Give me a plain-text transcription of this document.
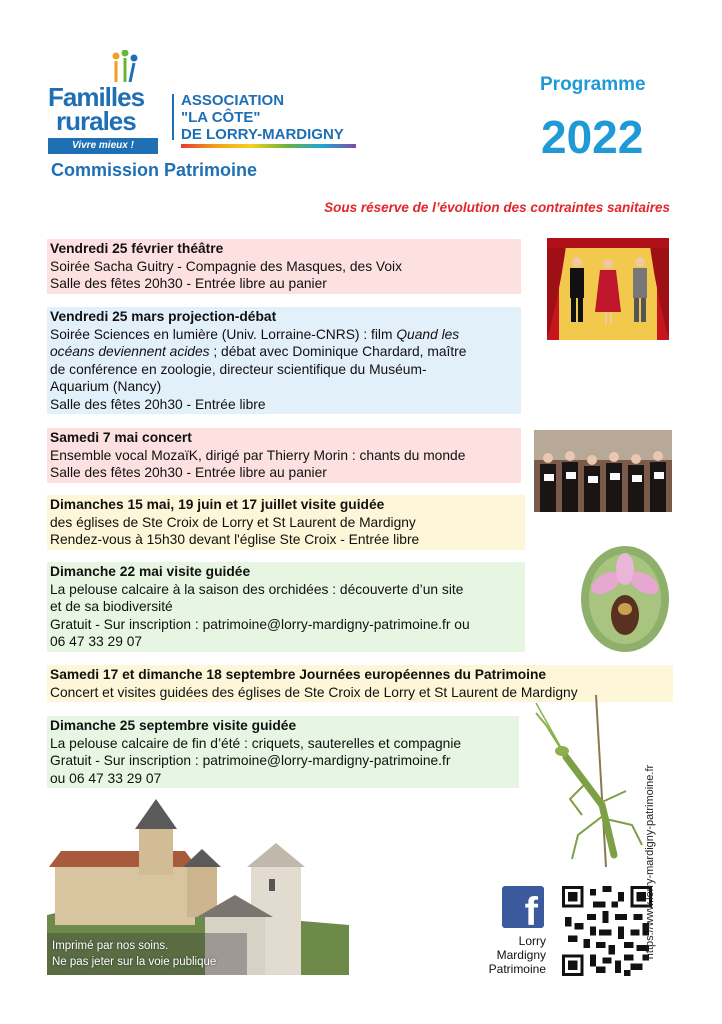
Familles
rurales
Vivre mieux !
ASSOCIATION
"LA CÔTE"
DE LORRY-MARDIGNY
Commission Patrimoine
Programme
2022
Sous réserve de l’évolution des contraintes sanitaires
Vendredi 25 février théâtre
Soirée Sacha Guitry - Compagnie des Masques, des Voix
Salle des fêtes 20h30 - Entrée libre au panier
Vendredi 25 mars projection-débat
Soirée Sciences en lumière (Univ. Lorraine-CNRS) : film Quand les
océans deviennent acides ; débat avec Dominique Chardard, maître
de conférence en zoologie, directeur scientifique du Muséum-
Aquarium (Nancy)
Salle des fêtes 20h30 - Entrée libre
Samedi 7 mai concert
Ensemble vocal MozaïK, dirigé par Thierry Morin : chants du monde
Salle des fêtes 20h30 - Entrée libre au panier
Dimanches 15 mai, 19 juin et 17 juillet visite guidée
des églises de Ste Croix de Lorry et St Laurent de Mardigny
Rendez-vous à 15h30 devant l'église Ste Croix - Entrée libre
Dimanche 22 mai visite guidée
La pelouse calcaire à la saison des orchidées : découverte d’un site
et de sa biodiversité
Gratuit - Sur inscription : patrimoine@lorry-mardigny-patrimoine.fr ou
06 47 33 29 07
Samedi 17 et dimanche 18 septembre Journées européennes du Patrimoine
Concert et visites guidées des églises de Ste Croix de Lorry et St Laurent de Mardigny
Dimanche 25 septembre visite guidée
La pelouse calcaire de fin d’été : criquets, sauterelles et compagnie
Gratuit - Sur inscription : patrimoine@lorry-mardigny-patrimoine.fr
ou 06 47 33 29 07
Imprimé par nos soins.
Ne pas jeter sur la voie publique
f
Lorry
Mardigny
Patrimoine
https://www.lorry-mardigny-patrimoine.fr
